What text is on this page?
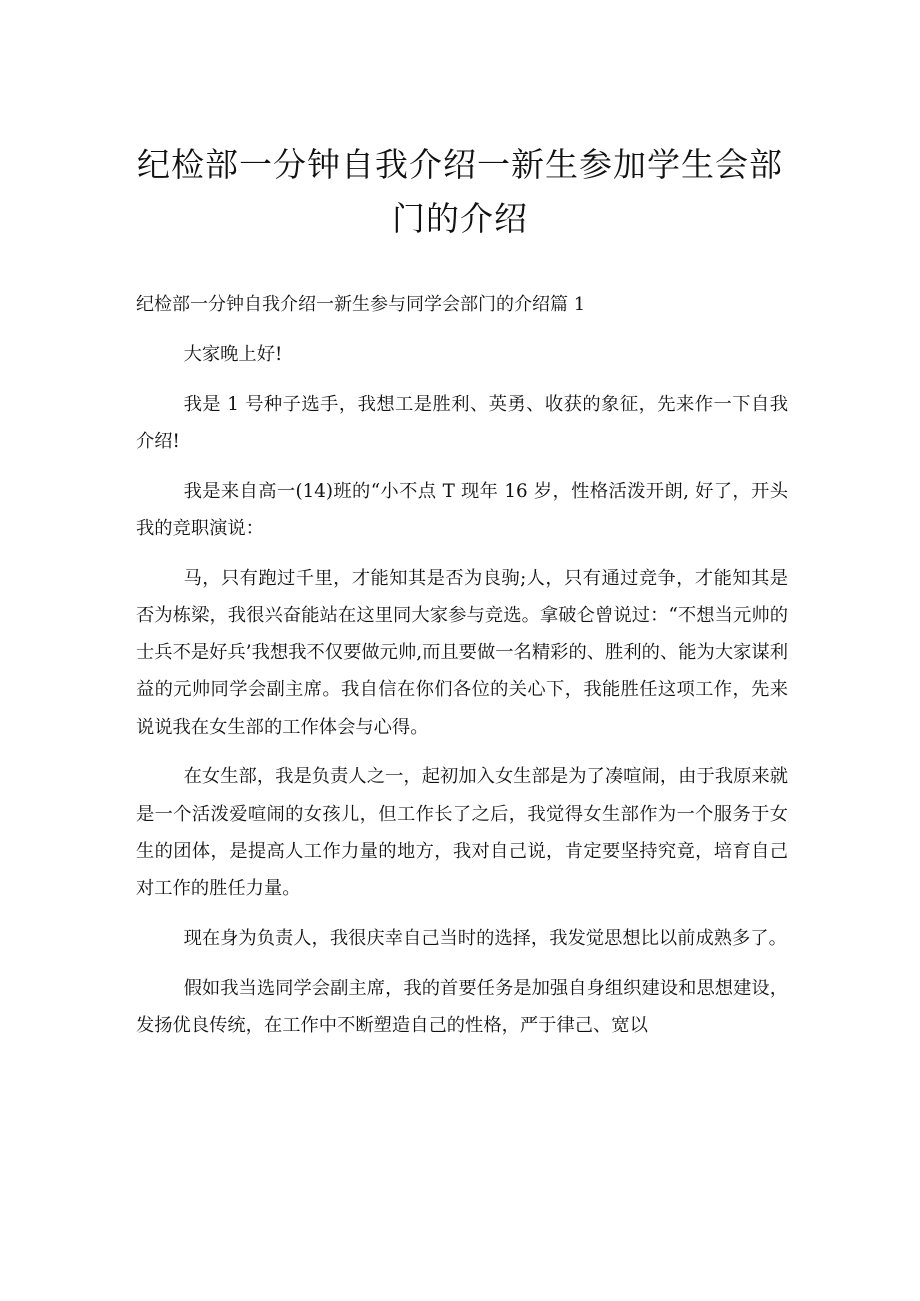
纪检部一分钟自我介绍一新生参加学生会部
门的介绍

纪检部一分钟自我介绍一新生参与同学会部门的介绍篇 1

大家晚上好!

我是 1 号种子选手，我想工是胜利、英勇、收获的象征，先来作一下自我介绍!

我是来自高一(14)班的“小不点 T 现年 16 岁，性格活泼开朗, 好了，开头我的竞职演说：

马，只有跑过千里，才能知其是否为良驹;人，只有通过竞争，才能知其是否为栋梁，我很兴奋能站在这里同大家参与竞选。拿破仑曾说过：“不想当元帅的士兵不是好兵’我想我不仅要做元帅,而且要做一名精彩的、胜利的、能为大家谋利益的元帅同学会副主席。我自信在你们各位的关心下，我能胜任这项工作，先来说说我在女生部的工作体会与心得。

在女生部，我是负责人之一，起初加入女生部是为了凑喧闹，由于我原来就是一个活泼爱喧闹的女孩儿，但工作长了之后，我觉得女生部作为一个服务于女生的团体，是提高人工作力量的地方，我对自己说，肯定要坚持究竟，培育自己对工作的胜任力量。

现在身为负责人，我很庆幸自己当时的选择，我发觉思想比以前成熟多了。

假如我当选同学会副主席，我的首要任务是加强自身组织建设和思想建设，发扬优良传统，在工作中不断塑造自己的性格，严于律己、宽以
